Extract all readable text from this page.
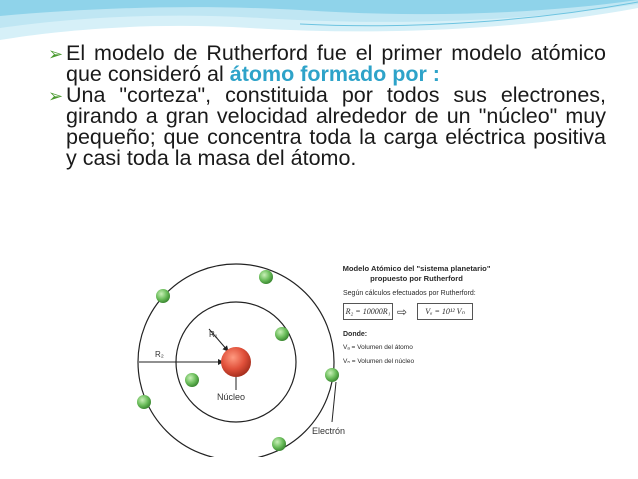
➢ El modelo de Rutherford fue el primer modelo atómico que consideró al átomo formado por :
➢ Una "corteza", constituida por todos sus electrones, girando a gran velocidad alrededor de un "núcleo" muy pequeño; que concentra toda la carga eléctrica positiva y casi toda la masa del átomo.
R₁
R₂
Núcleo
Electrón
Modelo Atómico del "sistema planetario"
propuesto por Rutherford
Según cálculos efectuados por Rutherford:
R₂ = 10000R₁ ⇨	Vₐ = 10¹² Vₙ
Donde:
Vₐ = Volumen del átomo
Vₙ = Volumen del núcleo
